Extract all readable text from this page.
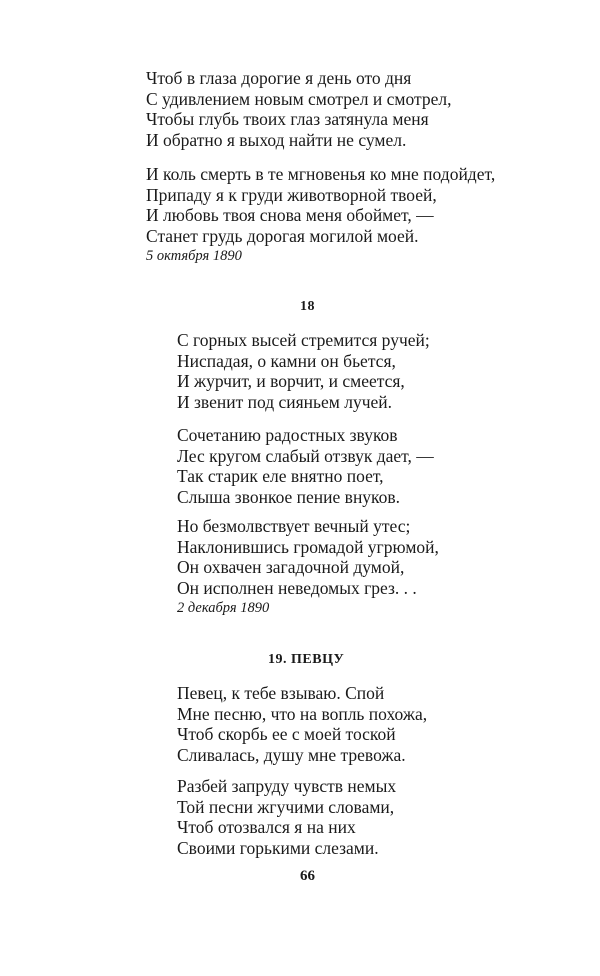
Чтоб в глаза дорогие я день ото дня
С удивлением новым смотрел и смотрел,
Чтобы глубь твоих глаз затянула меня
И обратно я выход найти не сумел.
И коль смерть в те мгновенья ко мне подойдет,
Припаду я к груди животворной твоей,
И любовь твоя снова меня обоймет, —
Станет грудь дорогая могилой моей.
5 октября 1890
18
С горных высей стремится ручей;
Ниспадая, о камни он бьется,
И журчит, и ворчит, и смеется,
И звенит под сияньем лучей.
Сочетанию радостных звуков
Лес кругом слабый отзвук дает, —
Так старик еле внятно поет,
Слыша звонкое пение внуков.
Но безмолвствует вечный утес;
Наклонившись громадой угрюмой,
Он охвачен загадочной думой,
Он исполнен неведомых грез. . .
2 декабря 1890
19. ПЕВЦУ
Певец, к тебе взываю. Спой
Мне песню, что на вопль похожа,
Чтоб скорбь ее с моей тоской
Сливалась, душу мне тревожа.
Разбей запруду чувств немых
Той песни жгучими словами,
Чтоб отозвался я на них
Своими горькими слезами.
66
